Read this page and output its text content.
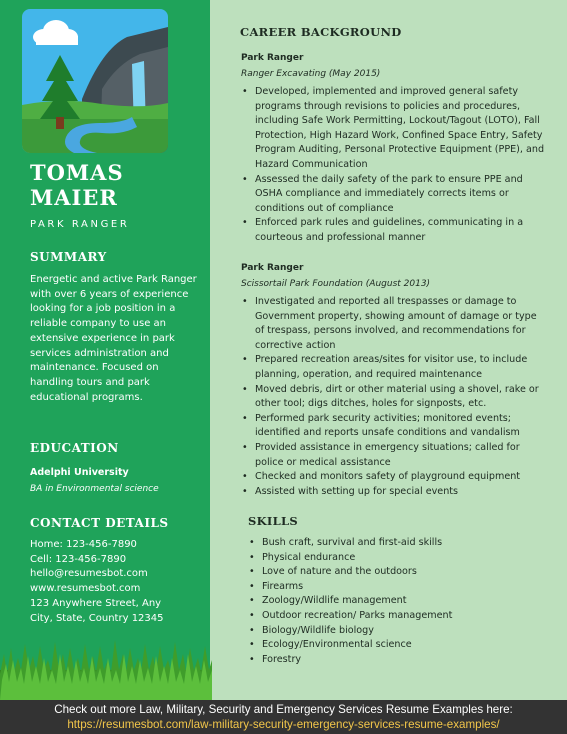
TOMAS
MAIER
PARK RANGER
SUMMARY
Energetic and active Park Ranger with over 6 years of experience looking for a job position in a reliable company to use an extensive experience in park services administration and maintenance. Focused on handling tours and park educational programs.
EDUCATION
Adelphi University
BA in Environmental science
CONTACT DETAILS
Home: 123-456-7890
Cell: 123-456-7890
hello@resumesbot.com
www.resumesbot.com
123 Anywhere Street, Any
City, State, Country 12345
CAREER BACKGROUND
Park Ranger
Ranger Excavating (May 2015)
• Developed, implemented and improved general safety programs through revisions to policies and procedures, including Safe Work Permitting, Lockout/Tagout (LOTO), Fall Protection, High Hazard Work, Confined Space Entry, Safety Program Auditing, Personal Protective Equipment (PPE), and Hazard Communication
• Assessed the daily safety of the park to ensure PPE and OSHA compliance and immediately corrects items or conditions out of compliance
• Enforced park rules and guidelines, communicating in a courteous and professional manner
Park Ranger
Scissortail Park Foundation (August 2013)
• Investigated and reported all trespasses or damage to Government property, showing amount of damage or type of trespass, persons involved, and recommendations for corrective action
• Prepared recreation areas/sites for visitor use, to include planning, operation, and required maintenance
• Moved debris, dirt or other material using a shovel, rake or other tool; digs ditches, holes for signposts, etc.
• Performed park security activities; monitored events; identified and reports unsafe conditions and vandalism
• Provided assistance in emergency situations; called for police or medical assistance
• Checked and monitors safety of playground equipment
• Assisted with setting up for special events
SKILLS
• Bush craft, survival and first-aid skills
• Physical endurance
• Love of nature and the outdoors
• Firearms
• Zoology/Wildlife management
• Outdoor recreation/ Parks management
• Biology/Wildlife biology
• Ecology/Environmental science
• Forestry
Check out more Law, Military, Security and Emergency Services Resume Examples here:
https://resumesbot.com/law-military-security-emergency-services-resume-examples/
